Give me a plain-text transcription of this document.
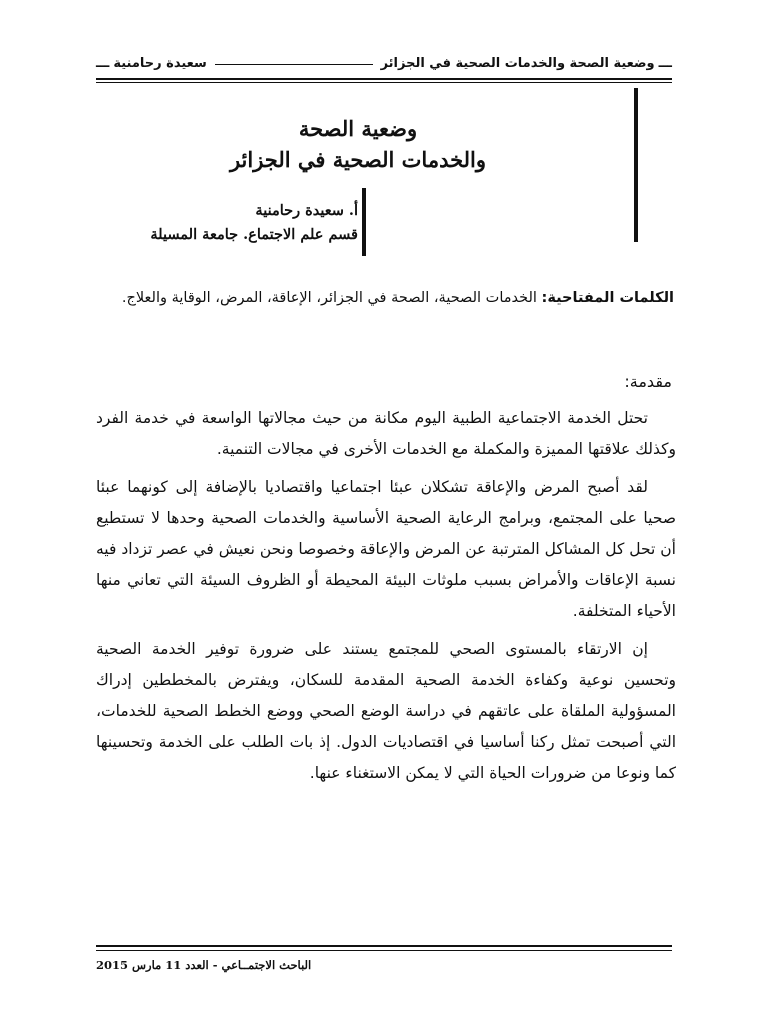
ـــ
وضعية الصحة والخدمات الصحية في الجزائر
سعيدة رحامنية
ـــ
وضعية الصحة
والخدمات الصحية في الجزائر
أ. سعيدة رحامنية
قسم علم الاجتماع. جامعة المسيلة
الكلمات المفتاحية: الخدمات الصحية، الصحة في الجزائر، الإعاقة، المرض، الوقاية والعلاج.
مقدمة:

تحتل الخدمة الاجتماعية الطبية اليوم مكانة من حيث مجالاتها الواسعة في خدمة الفرد وكذلك علاقتها المميزة والمكملة مع الخدمات الأخرى في مجالات التنمية.

لقد أصبح المرض والإعاقة تشكلان عبئا اجتماعيا واقتصاديا بالإضافة إلى كونهما عبئا صحيا على المجتمع، وبرامج الرعاية الصحية الأساسية والخدمات الصحية وحدها لا تستطيع أن تحل كل المشاكل المترتبة عن المرض والإعاقة وخصوصا ونحن نعيش في عصر تزداد فيه نسبة الإعاقات والأمراض بسبب ملوثات البيئة المحيطة أو الظروف السيئة التي تعاني منها الأحياء المتخلفة.

إن الارتقاء بالمستوى الصحي للمجتمع يستند على ضرورة توفير الخدمة الصحية وتحسين نوعية وكفاءة الخدمة الصحية المقدمة للسكان، ويفترض بالمخططين إدراك المسؤولية الملقاة على عاتقهم في دراسة الوضع الصحي ووضع الخطط الصحية للخدمات، التي أصبحت تمثل ركنا أساسيا في اقتصاديات الدول. إذ بات الطلب على الخدمة وتحسينها كما ونوعا من ضرورات الحياة التي لا يمكن الاستغناء عنها.

الباحث الاجتمــاعي - العدد 11 مارس 2015
